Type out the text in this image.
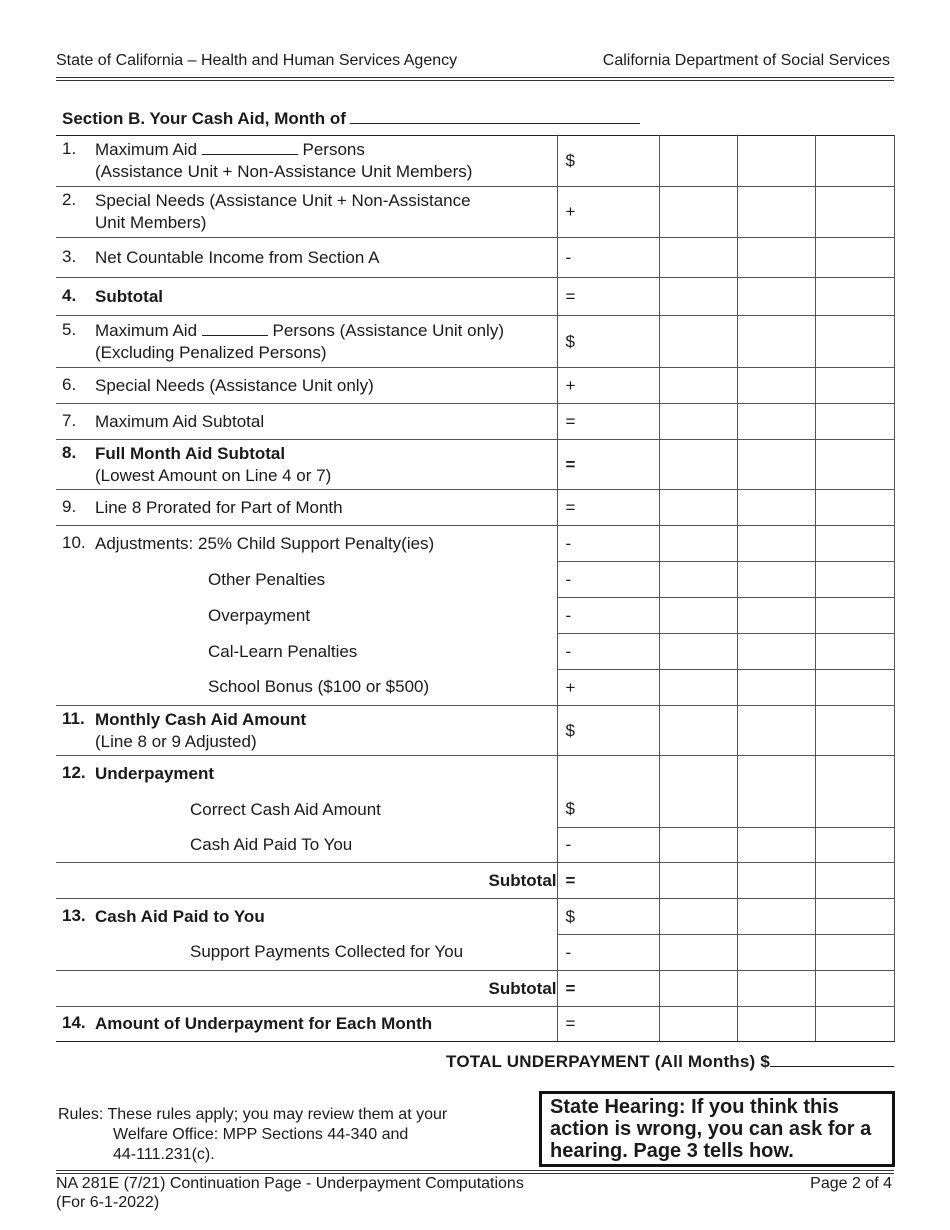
State of California – Health and Human Services Agency	California Department of Social Services
Section B. Your Cash Aid, Month of
1. Maximum Aid Persons
(Assistance Unit + Non-Assistance Unit Members)	$				

2. Special Needs (Assistance Unit + Non-Assistance
Unit Members)	+				

3. Net Countable Income from Section A	-				

4. Subtotal	=				

5. Maximum Aid Persons (Assistance Unit only)
(Excluding Penalized Persons)	$				

6. Special Needs (Assistance Unit only)	+				

7. Maximum Aid Subtotal	=				

8. Full Month Aid Subtotal
(Lowest Amount on Line 4 or 7)	=				

9. Line 8 Prorated for Part of Month	=				

10. Adjustments: 25% Child Support Penalty(ies)	-				

Other Penalties	-				

Overpayment	-				

Cal-Learn Penalties	-				

School Bonus ($100 or $500)	+				

11. Monthly Cash Aid Amount
(Line 8 or 9 Adjusted)	$				

12. Underpayment					

Correct Cash Aid Amount	$				

Cash Aid Paid To You	-				
Subtotal	=				

13. Cash Aid Paid to You	$				

Support Payments Collected for You	-				
Subtotal	=				

14. Amount of Underpayment for Each Month	=				
TOTAL UNDERPAYMENT (All Months) $
Rules: These rules apply; you may review them at your
Welfare Office: MPP Sections 44-340 and
44-111.231(c).
State Hearing: If you think this action is wrong, you can ask for a hearing. Page 3 tells how.
NA 281E (7/21) Continuation Page - Underpayment Computations
(For 6-1-2022)
Page 2 of 4
